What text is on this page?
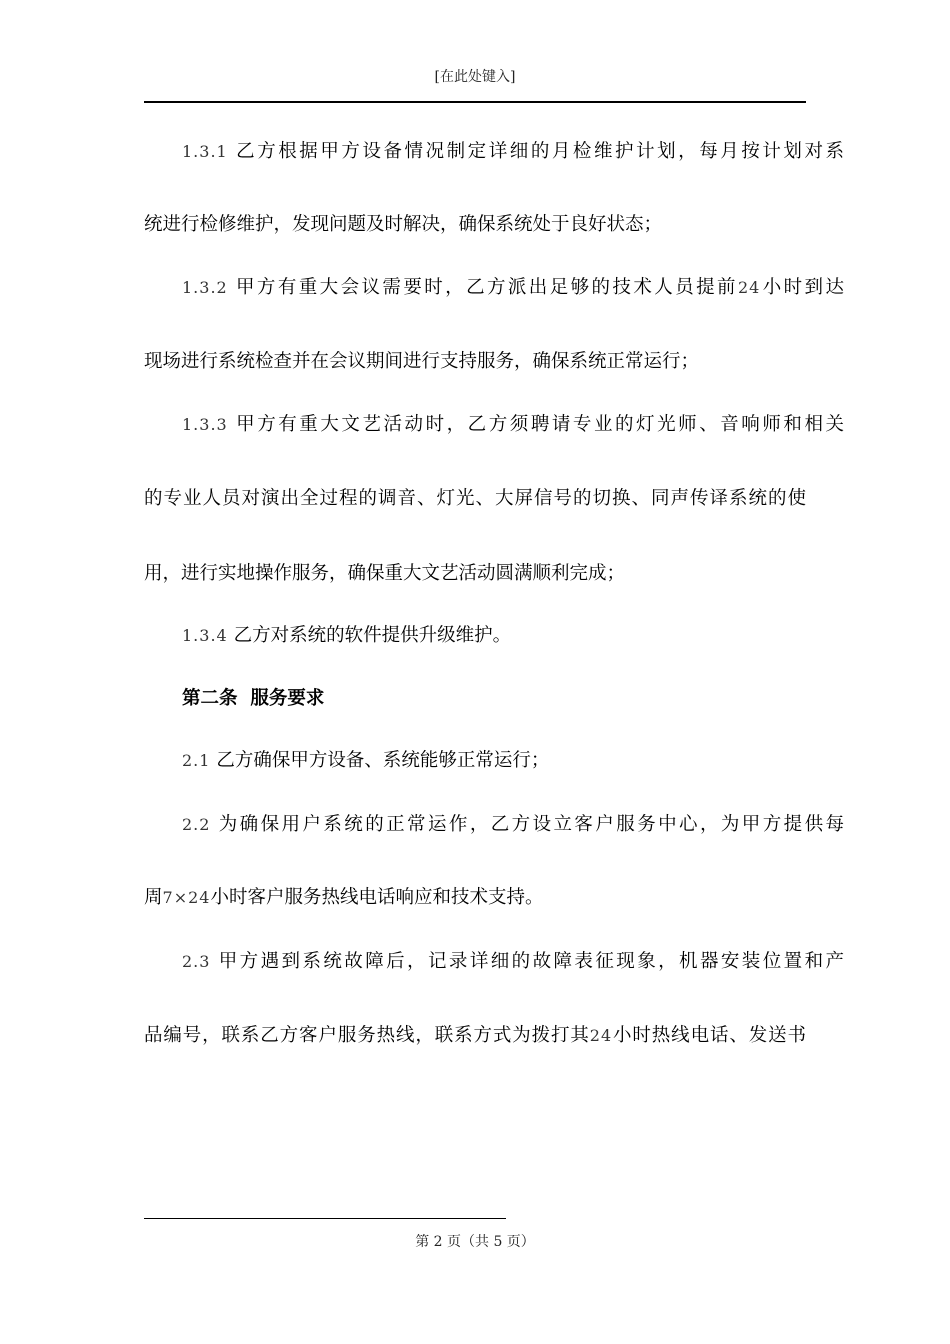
[在此处键入]
1.3.1 乙方根据甲方设备情况制定详细的月检维护计划，每月按计划对系
统进行检修维护，发现问题及时解决，确保系统处于良好状态；
1.3.2 甲方有重大会议需要时，乙方派出足够的技术人员提前24小时到达
现场进行系统检查并在会议期间进行支持服务，确保系统正常运行；
1.3.3 甲方有重大文艺活动时，乙方须聘请专业的灯光师、音响师和相关
的专业人员对演出全过程的调音、灯光、大屏信号的切换、同声传译系统的使
用，进行实地操作服务，确保重大文艺活动圆满顺利完成；
1.3.4 乙方对系统的软件提供升级维护。
第二条  服务要求
2.1 乙方确保甲方设备、系统能够正常运行；
2.2 为确保用户系统的正常运作，乙方设立客户服务中心，为甲方提供每
周7×24小时客户服务热线电话响应和技术支持。
2.3 甲方遇到系统故障后，记录详细的故障表征现象，机器安装位置和产
品编号，联系乙方客户服务热线，联系方式为拨打其24小时热线电话、发送书
第 2 页（共 5 页）
